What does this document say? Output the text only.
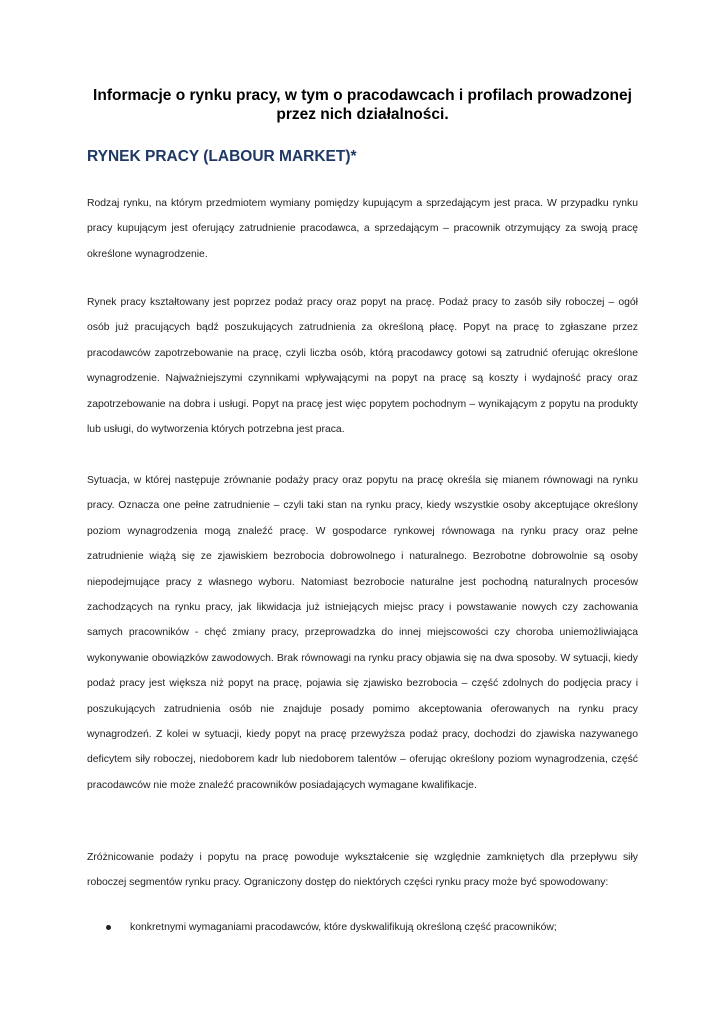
Informacje o rynku pracy, w tym o pracodawcach i profilach prowadzonej przez nich działalności.
RYNEK PRACY (LABOUR MARKET)*

Rodzaj rynku, na którym przedmiotem wymiany pomiędzy kupującym a sprzedającym jest praca. W przypadku rynku pracy kupującym jest oferujący zatrudnienie pracodawca, a sprzedającym – pracownik otrzymujący za swoją pracę określone wynagrodzenie.

Rynek pracy kształtowany jest poprzez podaż pracy oraz popyt na pracę. Podaż pracy to zasób siły roboczej – ogół osób już pracujących bądź poszukujących zatrudnienia za określoną płacę. Popyt na pracę to zgłaszane przez pracodawców zapotrzebowanie na pracę, czyli liczba osób, którą pracodawcy gotowi są zatrudnić oferując określone wynagrodzenie. Najważniejszymi czynnikami wpływającymi na popyt na pracę są koszty i wydajność pracy oraz zapotrzebowanie na dobra i usługi. Popyt na pracę jest więc popytem pochodnym – wynikającym z popytu na produkty lub usługi, do wytworzenia których potrzebna jest praca.

Sytuacja, w której następuje zrównanie podaży pracy oraz popytu na pracę określa się mianem równowagi na rynku pracy. Oznacza one pełne zatrudnienie – czyli taki stan na rynku pracy, kiedy wszystkie osoby akceptujące określony poziom wynagrodzenia mogą znaleźć pracę. W gospodarce rynkowej równowaga na rynku pracy oraz pełne zatrudnienie wiążą się ze zjawiskiem bezrobocia dobrowolnego i naturalnego. Bezrobotne dobrowolnie są osoby niepodejmujące pracy z własnego wyboru. Natomiast bezrobocie naturalne jest pochodną naturalnych procesów zachodzących na rynku pracy, jak likwidacja już istniejących miejsc pracy i powstawanie nowych czy zachowania samych pracowników - chęć zmiany pracy, przeprowadzka do innej miejscowości czy choroba uniemożliwiająca wykonywanie obowiązków zawodowych. Brak równowagi na rynku pracy objawia się na dwa sposoby. W sytuacji, kiedy podaż pracy jest większa niż popyt na pracę, pojawia się zjawisko bezrobocia – część zdolnych do podjęcia pracy i poszukujących zatrudnienia osób nie znajduje posady pomimo akceptowania oferowanych na rynku pracy wynagrodzeń. Z kolei w sytuacji, kiedy popyt na pracę przewyższa podaż pracy, dochodzi do zjawiska nazywanego deficytem siły roboczej, niedoborem kadr lub niedoborem talentów – oferując określony poziom wynagrodzenia, część pracodawców nie może znaleźć pracowników posiadających wymagane kwalifikacje.

Zróżnicowanie podaży i popytu na pracę powoduje wykształcenie się względnie zamkniętych dla przepływu siły roboczej segmentów rynku pracy. Ograniczony dostęp do niektórych części rynku pracy może być spowodowany:

konkretnymi wymaganiami pracodawców, które dyskwalifikują określoną część pracowników;
